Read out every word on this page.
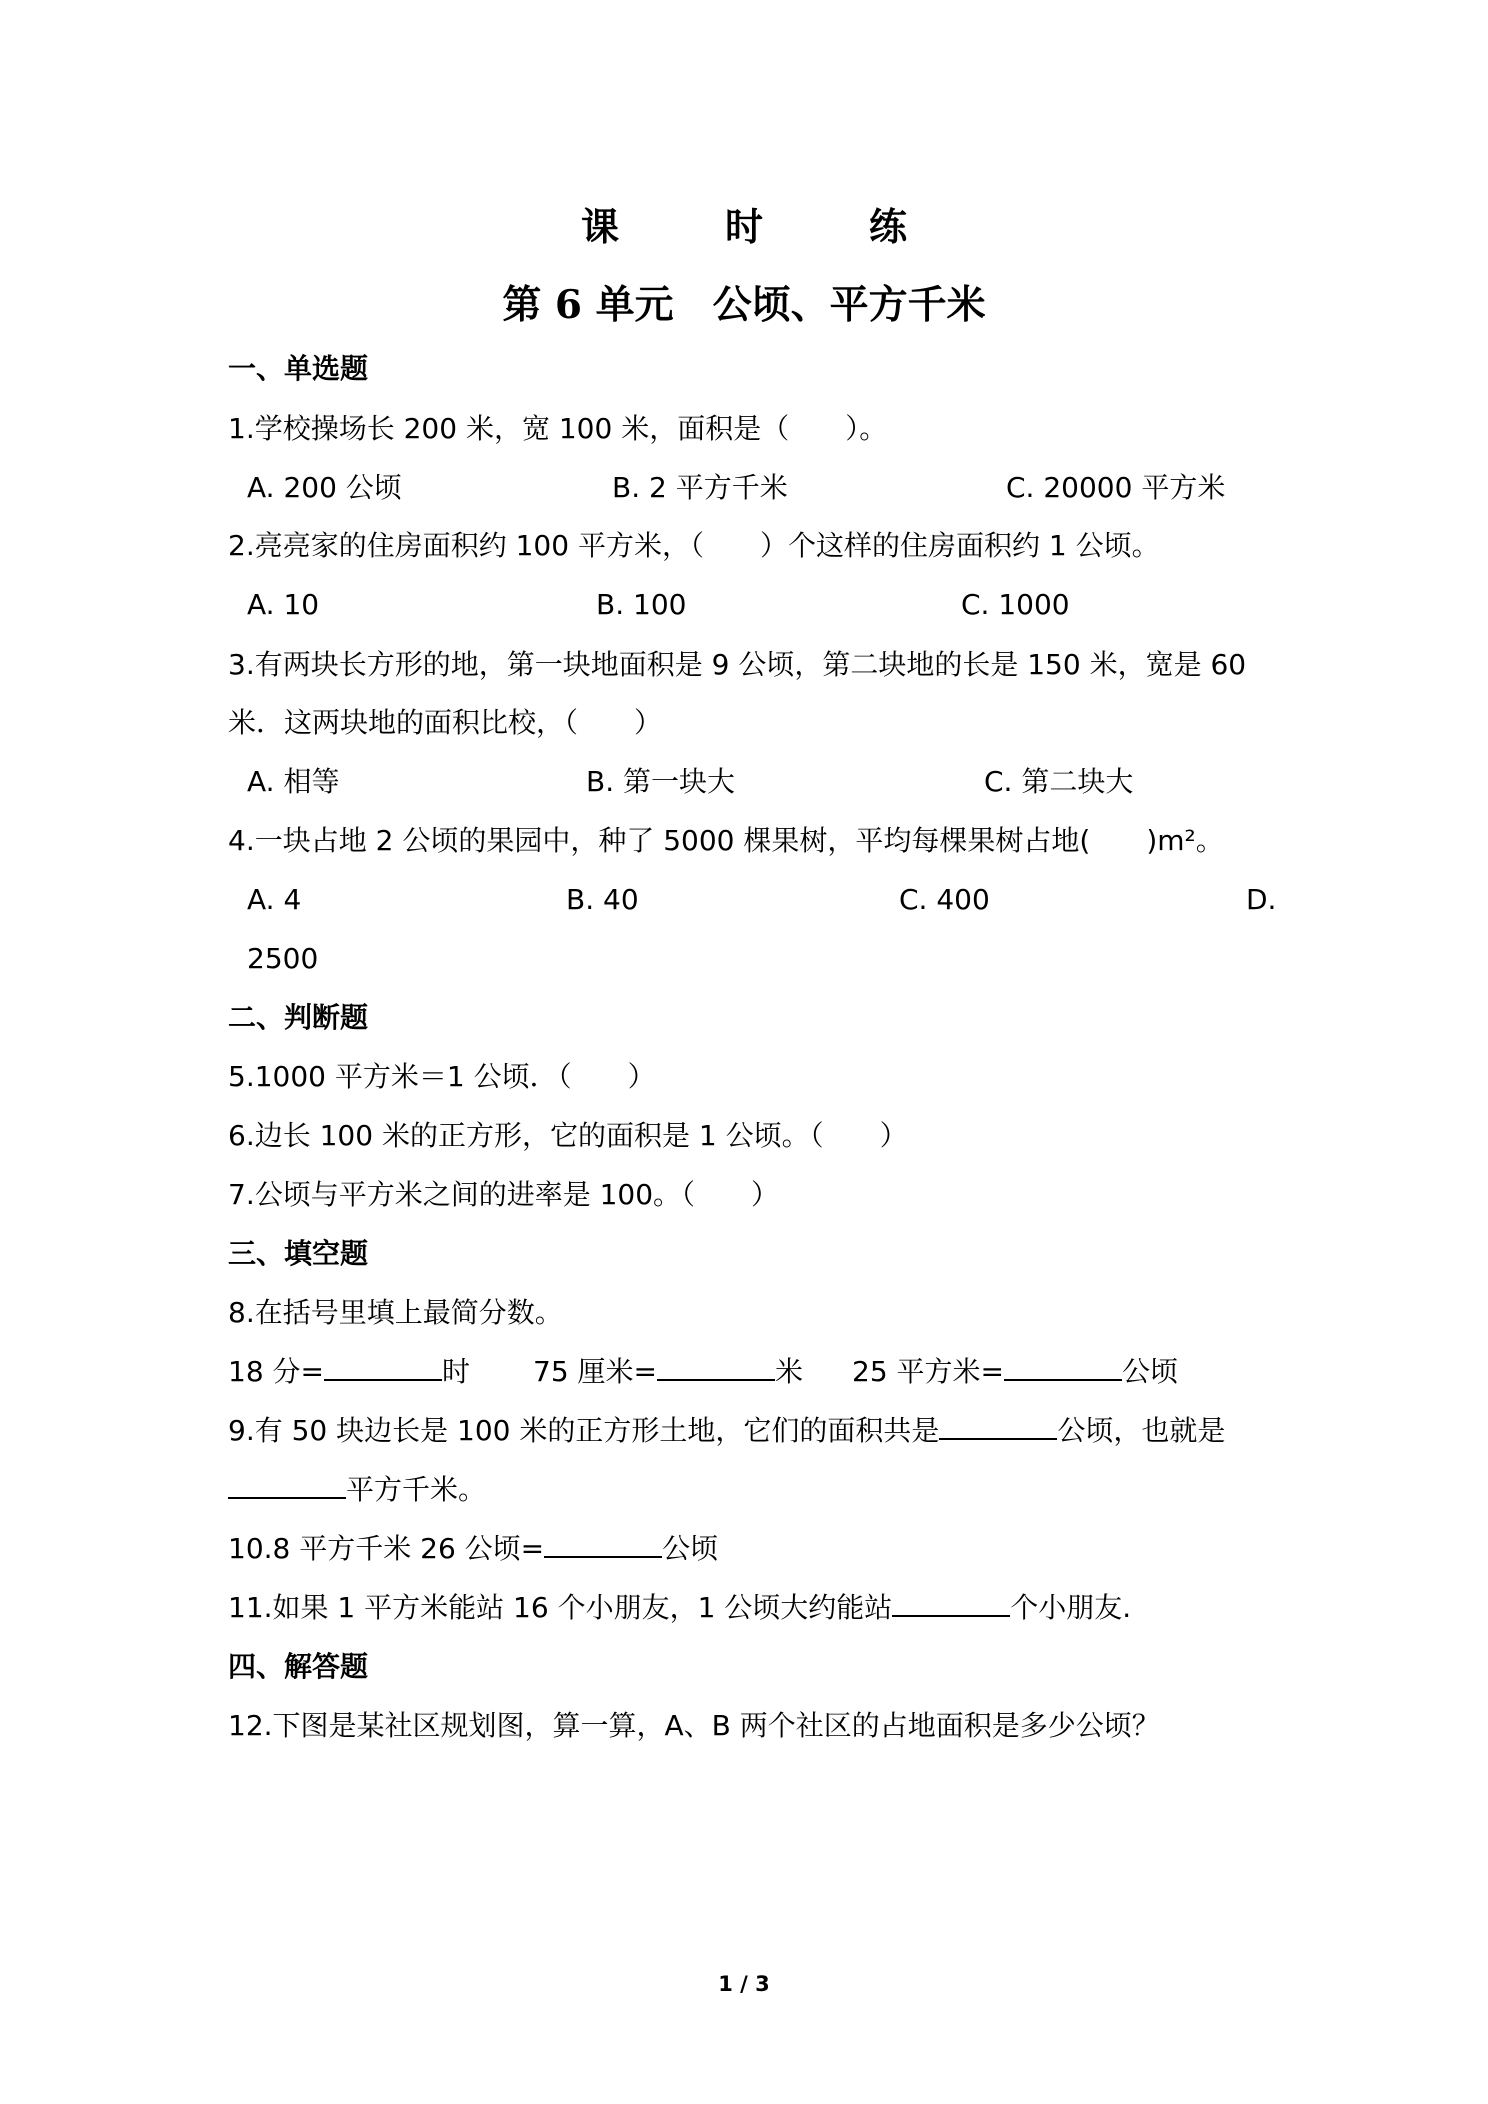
课　时　练
第 6 单元　公顷、平方千米
一、单选题
1.学校操场长 200 米，宽 100 米，面积是（　　）。
A. 200 公顷	B. 2 平方千米	C. 20000 平方米
2.亮亮家的住房面积约 100 平方米，（　　）个这样的住房面积约 1 公顷。
A. 10	B. 100	C. 1000
3.有两块长方形的地，第一块地面积是 9 公顷，第二块地的长是 150 米，宽是 60
米．这两块地的面积比校，（　　）
A. 相等	B. 第一块大	C. 第二块大
4.一块占地 2 公顷的果园中，种了 5000 棵果树，平均每棵果树占地(　　)m²。
A. 4	B. 40	C. 400	D.
2500
二、判断题
5.1000 平方米＝1 公顷．（　　）
6.边长 100 米的正方形，它的面积是 1 公顷。（　　）
7.公顷与平方米之间的进率是 100。（　　）
三、填空题
8.在括号里填上最简分数。
18 分=	时 75 厘米=	米 25 平方米=	公顷
9.有 50 块边长是 100 米的正方形土地，它们的面积共是	公顷，也就是
平方千米。
10.8 平方千米 26 公顷=	公顷
11.如果 1 平方米能站 16 个小朋友，1 公顷大约能站	个小朋友.
四、解答题
12.下图是某社区规划图，算一算，A、B 两个社区的占地面积是多少公顷？
1 / 3
